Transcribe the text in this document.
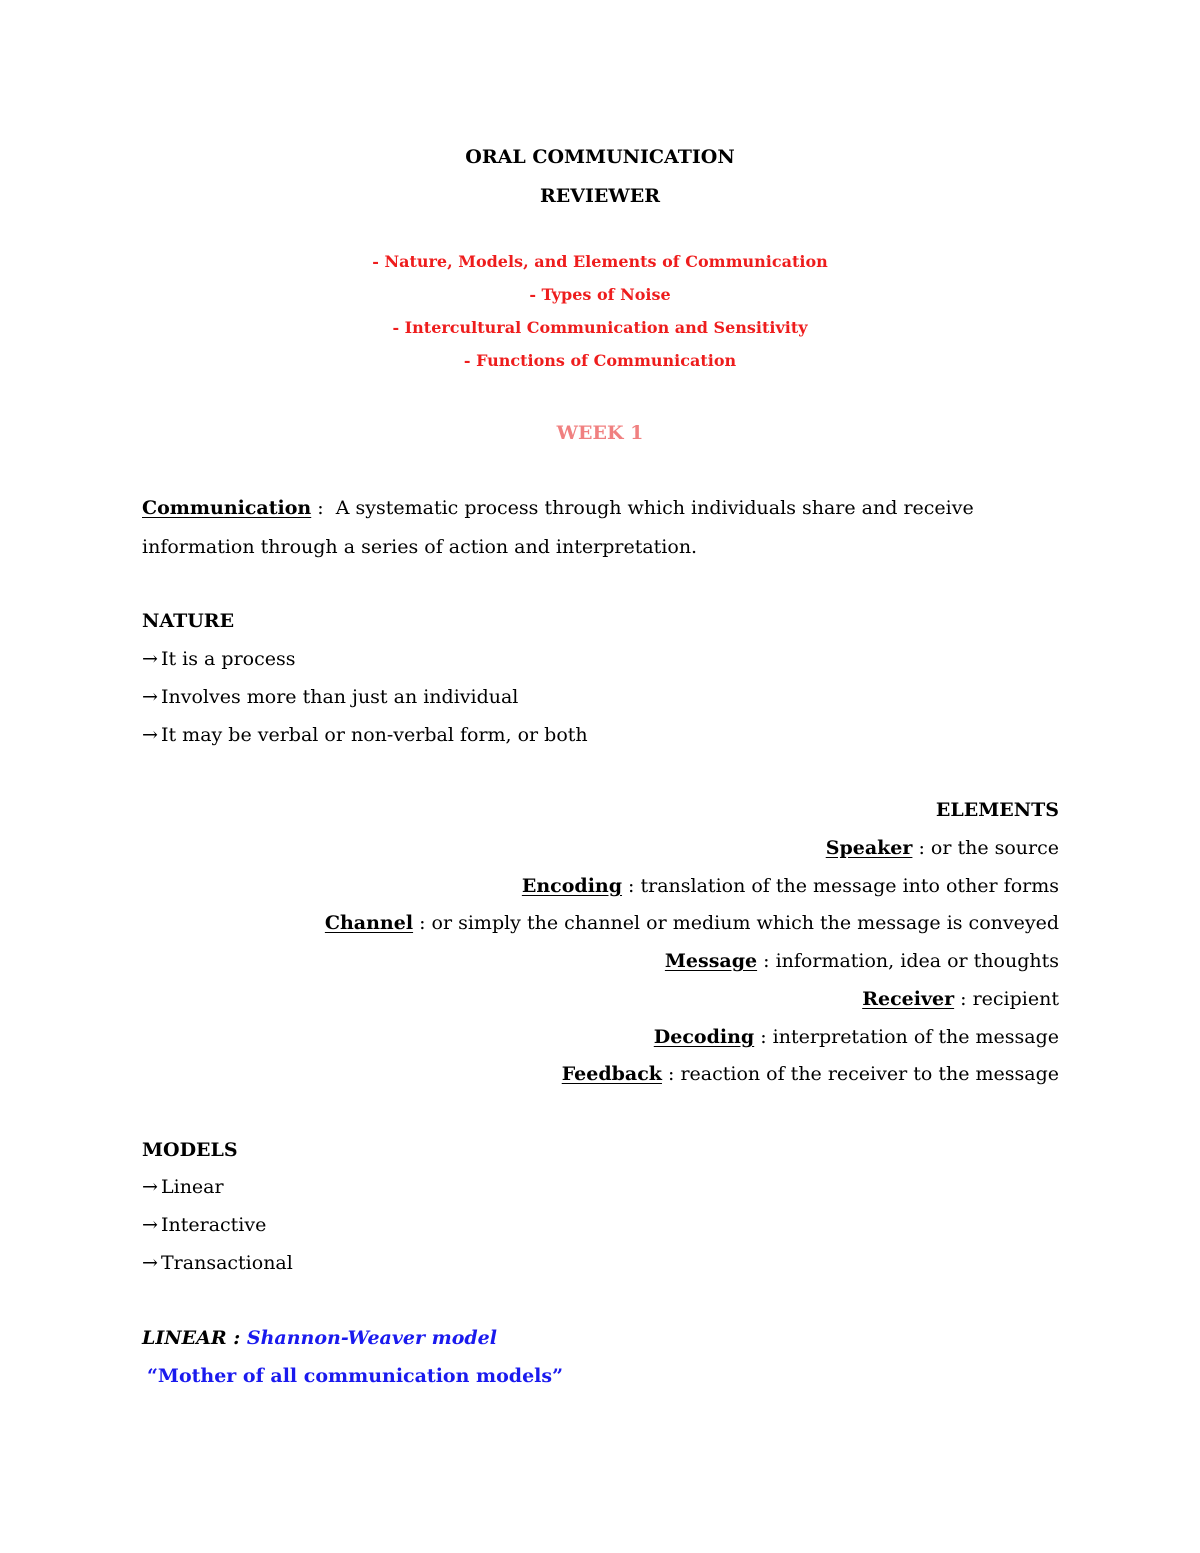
ORAL COMMUNICATION
REVIEWER
- Nature, Models, and Elements of Communication
- Types of Noise
- Intercultural Communication and Sensitivity
- Functions of Communication
WEEK 1
Communication :  A systematic process through which individuals share and receive
information through a series of action and interpretation.
NATURE
→ It is a process
→ Involves more than just an individual
→ It may be verbal or non-verbal form, or both
ELEMENTS
Speaker : or the source
Encoding : translation of the message into other forms
Channel : or simply the channel or medium which the message is conveyed
Message : information, idea or thoughts
Receiver : recipient
Decoding : interpretation of the message
Feedback : reaction of the receiver to the message
MODELS
→ Linear
→ Interactive
→ Transactional
LINEAR : Shannon-Weaver model
“Mother of all communication models”
